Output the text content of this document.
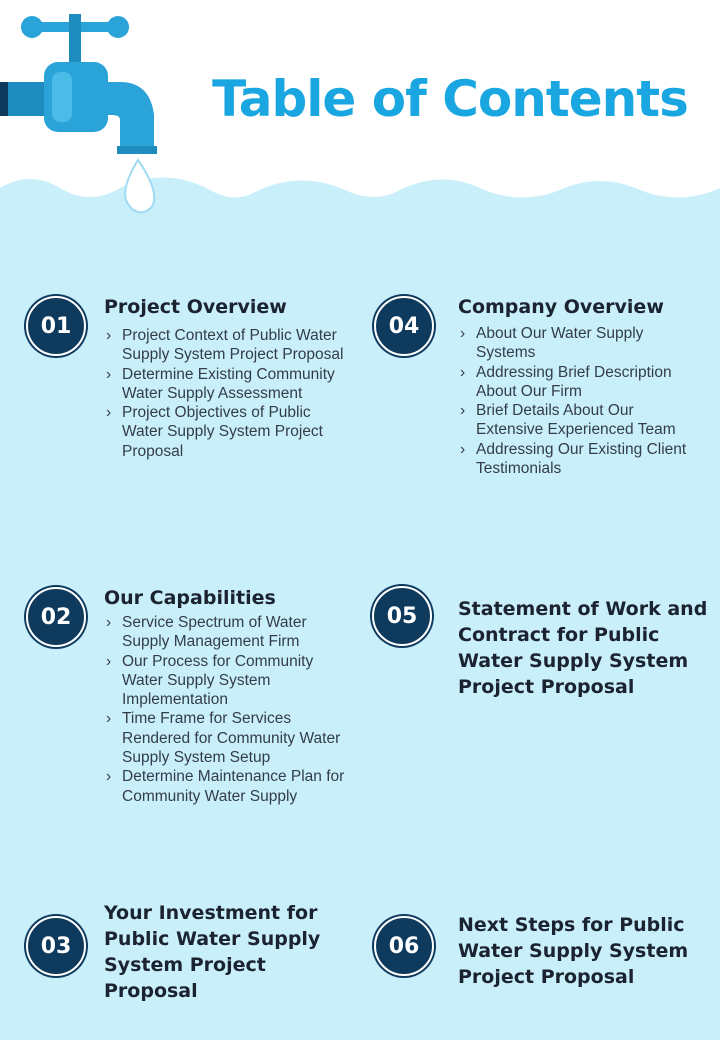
Table of Contents
01
Project Overview
› Project Context of Public Water Supply System Project Proposal
› Determine Existing Community Water Supply Assessment
› Project Objectives of Public Water Supply System Project Proposal
04
Company Overview
› About Our Water Supply Systems
› Addressing Brief Description About Our Firm
› Brief Details About Our Extensive Experienced Team
› Addressing Our Existing Client Testimonials
02
Our Capabilities
› Service Spectrum of Water Supply Management Firm
› Our Process for Community Water Supply System Implementation
› Time Frame for Services Rendered for Community Water Supply System Setup
› Determine Maintenance Plan for Community Water Supply
05	Statement of Work and Contract for Public Water Supply System Project Proposal
03
Your Investment for Public Water Supply System Project Proposal
06
Next Steps for Public Water Supply System Project Proposal
